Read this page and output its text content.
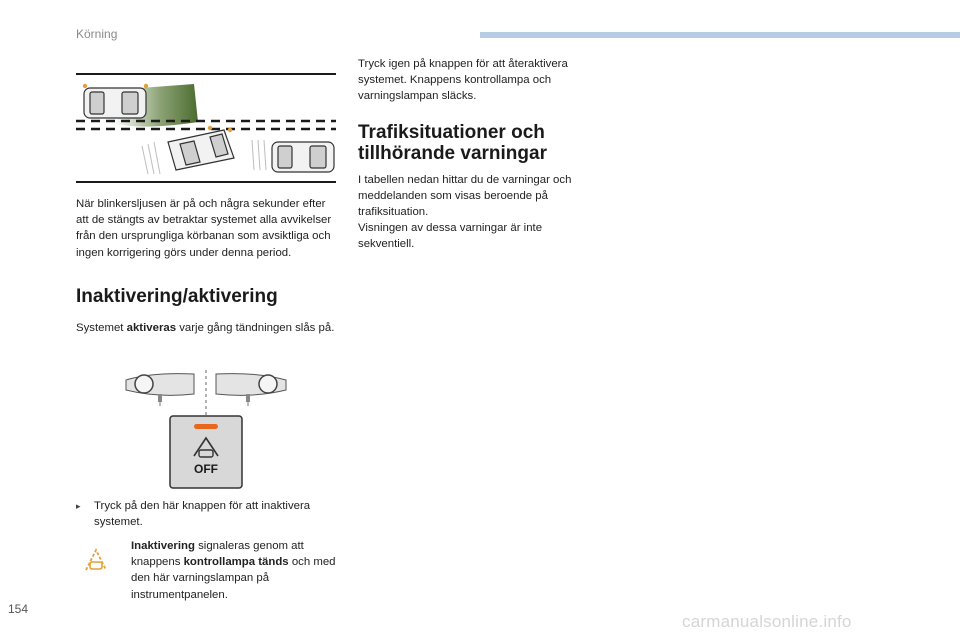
Körning
När blinkersljusen är på och några sekunder efter att de stängts av betraktar systemet alla avvikelser från den ursprungliga körbanan som avsiktliga och ingen korrigering görs under denna period.
Inaktivering/aktivering
Systemet aktiveras varje gång tändningen slås på.
OFF
▸ Tryck på den här knappen för att inaktivera systemet.
Inaktivering signaleras genom att knappens kontrollampa tänds och med den här varningslampan på instrumentpanelen.
Tryck igen på knappen för att återaktivera systemet. Knappens kontrollampa och varningslampan släcks.
Trafiksituationer och
tillhörande varningar
I tabellen nedan hittar du de varningar och meddelanden som visas beroende på trafiksituation.
Visningen av dessa varningar är inte sekventiell.
154
carmanualsonline.info
